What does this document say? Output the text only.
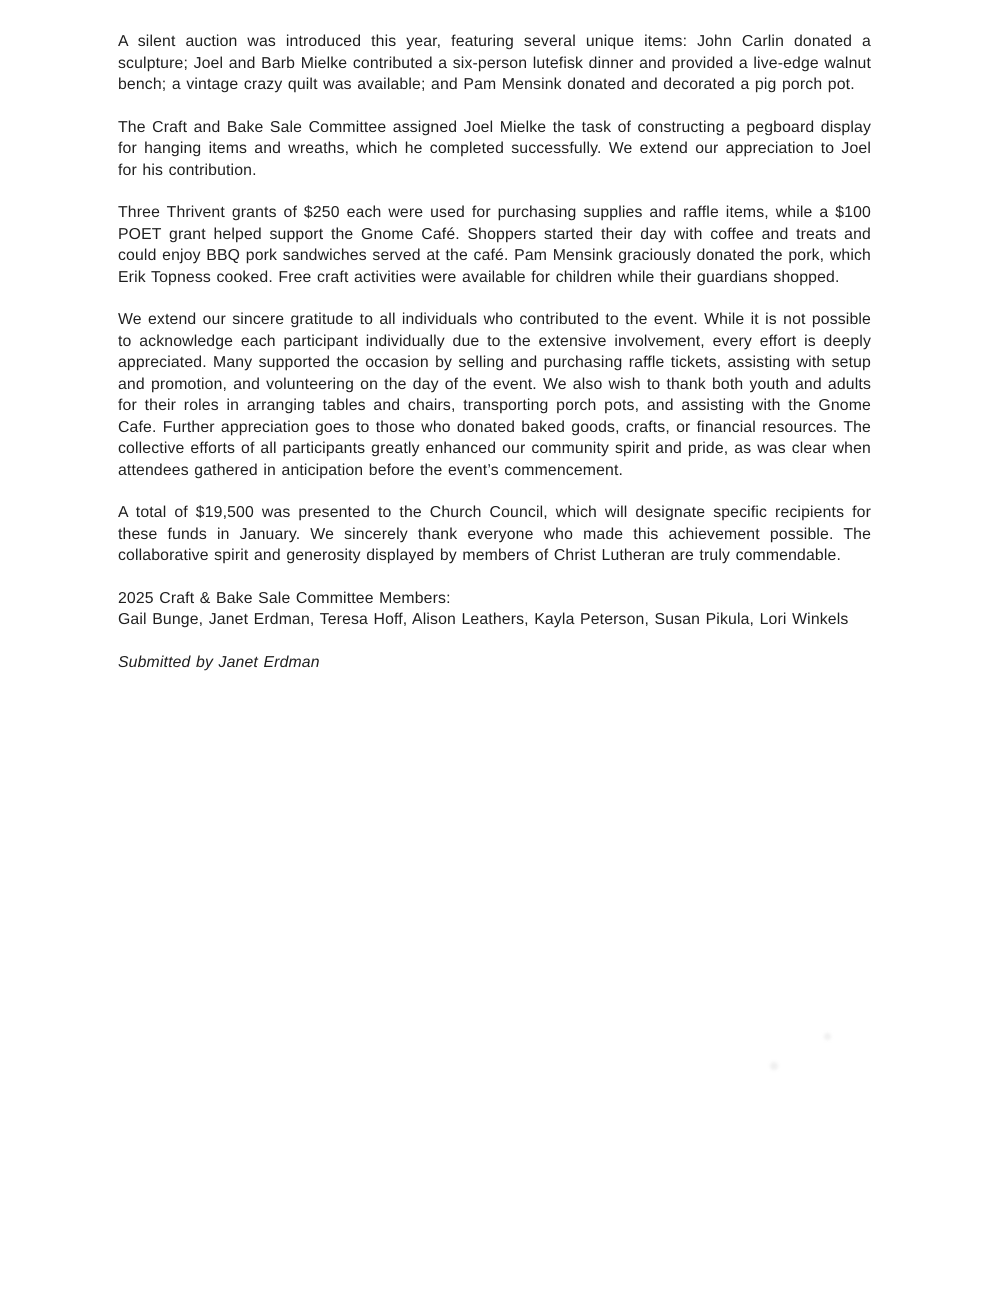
A silent auction was introduced this year, featuring several unique items: John Carlin donated a sculpture; Joel and Barb Mielke contributed a six-person lutefisk dinner and provided a live-edge walnut bench; a vintage crazy quilt was available; and Pam Mensink donated and decorated a pig porch pot.

The Craft and Bake Sale Committee assigned Joel Mielke the task of constructing a pegboard display for hanging items and wreaths, which he completed successfully. We extend our appreciation to Joel for his contribution.

Three Thrivent grants of $250 each were used for purchasing supplies and raffle items, while a $100 POET grant helped support the Gnome Café. Shoppers started their day with coffee and treats and could enjoy BBQ pork sandwiches served at the café. Pam Mensink graciously donated the pork, which Erik Topness cooked. Free craft activities were available for children while their guardians shopped.

We extend our sincere gratitude to all individuals who contributed to the event. While it is not possible to acknowledge each participant individually due to the extensive involvement, every effort is deeply appreciated. Many supported the occasion by selling and purchasing raffle tickets, assisting with setup and promotion, and volunteering on the day of the event. We also wish to thank both youth and adults for their roles in arranging tables and chairs, transporting porch pots, and assisting with the Gnome Cafe. Further appreciation goes to those who donated baked goods, crafts, or financial resources. The collective efforts of all participants greatly enhanced our community spirit and pride, as was clear when attendees gathered in anticipation before the event’s commencement.

A total of $19,500 was presented to the Church Council, which will designate specific recipients for these funds in January. We sincerely thank everyone who made this achievement possible. The collaborative spirit and generosity displayed by members of Christ Lutheran are truly commendable.

2025 Craft & Bake Sale Committee Members:

Gail Bunge, Janet Erdman, Teresa Hoff, Alison Leathers, Kayla Peterson, Susan Pikula, Lori Winkels

Submitted by Janet Erdman
